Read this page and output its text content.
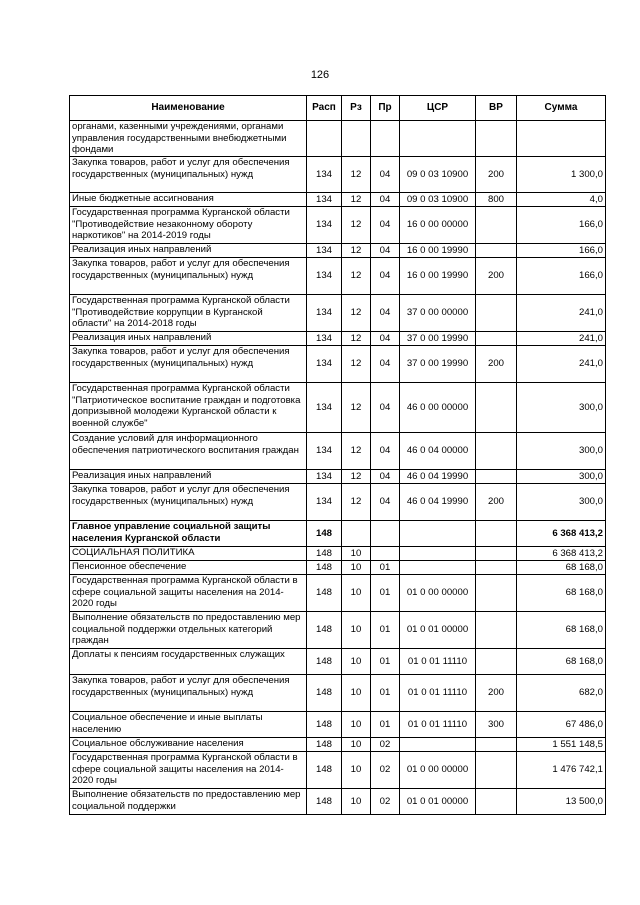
126
Наименование	Расп	Рз	Пр	ЦСР	ВР	Сумма
органами, казенными учреждениями, органами управления государственными внебюджетными фондами						
Закупка товаров, работ и услуг для обеспечения государственных (муниципальных) нужд	134	12	04	09 0 03 10900	200	1 300,0
Иные бюджетные ассигнования	134	12	04	09 0 03 10900	800	4,0
Государственная программа Курганской области "Противодействие незаконному обороту наркотиков" на 2014-2019 годы	134	12	04	16 0 00 00000		166,0
Реализация иных направлений	134	12	04	16 0 00 19990		166,0
Закупка товаров, работ и услуг для обеспечения государственных (муниципальных) нужд	134	12	04	16 0 00 19990	200	166,0
Государственная программа Курганской области "Противодействие коррупции в Курганской области" на 2014-2018 годы	134	12	04	37 0 00 00000		241,0
Реализация иных направлений	134	12	04	37 0 00 19990		241,0
Закупка товаров, работ и услуг для обеспечения государственных (муниципальных) нужд	134	12	04	37 0 00 19990	200	241,0
Государственная программа Курганской области "Патриотическое воспитание граждан и подготовка допризывной молодежи Курганской области к военной службе"	134	12	04	46 0 00 00000		300,0
Создание условий для информационного обеспечения патриотического воспитания граждан	134	12	04	46 0 04 00000		300,0
Реализация иных направлений	134	12	04	46 0 04 19990		300,0
Закупка товаров, работ и услуг для обеспечения государственных (муниципальных) нужд	134	12	04	46 0 04 19990	200	300,0
Главное управление социальной защиты населения Курганской области	148					6 368 413,2
СОЦИАЛЬНАЯ ПОЛИТИКА	148	10				6 368 413,2
Пенсионное обеспечение	148	10	01			68 168,0
Государственная программа Курганской области в сфере социальной защиты населения на 2014-2020 годы	148	10	01	01 0 00 00000		68 168,0
Выполнение обязательств по предоставлению мер социальной поддержки отдельных категорий граждан	148	10	01	01 0 01 00000		68 168,0
Доплаты к пенсиям государственных служащих	148	10	01	01 0 01 11110		68 168,0
Закупка товаров, работ и услуг для обеспечения государственных (муниципальных) нужд	148	10	01	01 0 01 11110	200	682,0
Социальное обеспечение и иные выплаты населению	148	10	01	01 0 01 11110	300	67 486,0
Социальное обслуживание населения	148	10	02			1 551 148,5
Государственная программа Курганской области в сфере социальной защиты населения на 2014-2020 годы	148	10	02	01 0 00 00000		1 476 742,1
Выполнение обязательств по предоставлению мер социальной поддержки	148	10	02	01 0 01 00000		13 500,0
